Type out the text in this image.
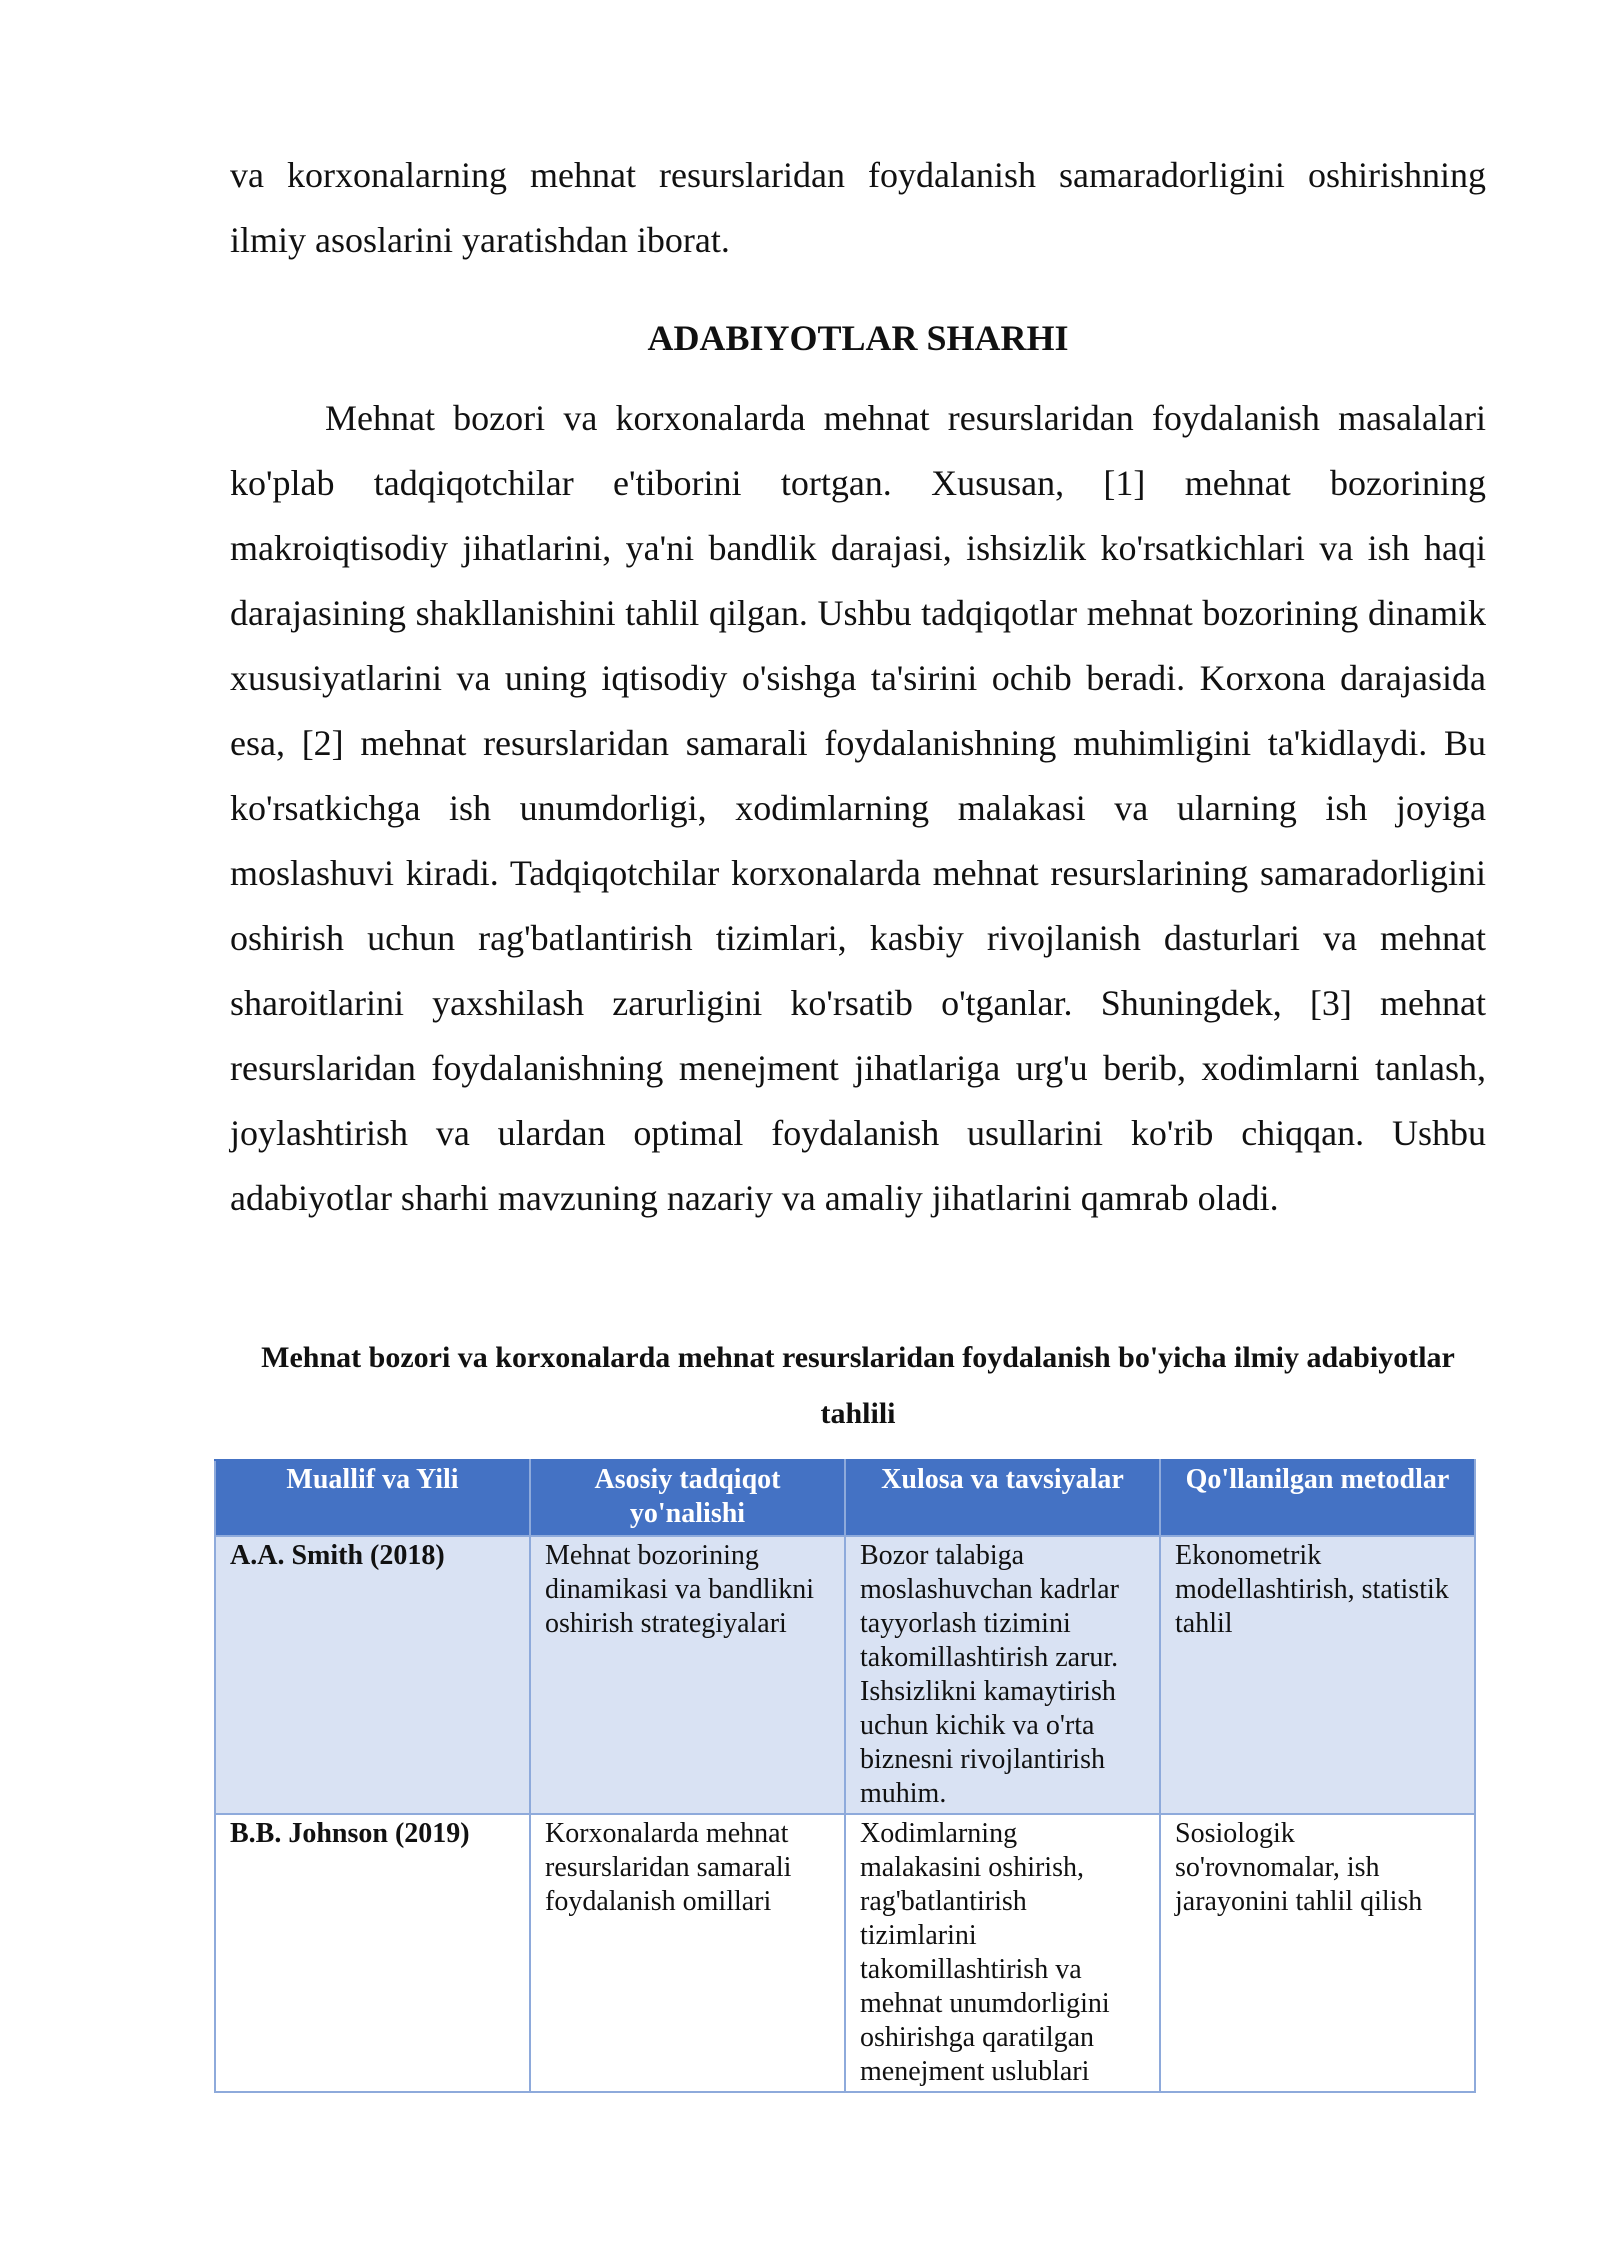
va korxonalarning mehnat resurslaridan foydalanish samaradorligini oshirishning ilmiy asoslarini yaratishdan iborat.

ADABIYOTLAR SHARHI

Mehnat bozori va korxonalarda mehnat resurslaridan foydalanish masalalari ko'plab tadqiqotchilar e'tiborini tortgan. Xususan, [1] mehnat bozorining makroiqtisodiy jihatlarini, ya'ni bandlik darajasi, ishsizlik ko'rsatkichlari va ish haqi darajasining shakllanishini tahlil qilgan. Ushbu tadqiqotlar mehnat bozorining dinamik xususiyatlarini va uning iqtisodiy o'sishga ta'sirini ochib beradi. Korxona darajasida esa, [2] mehnat resurslaridan samarali foydalanishning muhimligini ta'kidlaydi. Bu ko'rsatkichga ish unumdorligi, xodimlarning malakasi va ularning ish joyiga moslashuvi kiradi. Tadqiqotchilar korxonalarda mehnat resurslarining samaradorligini oshirish uchun rag'batlantirish tizimlari, kasbiy rivojlanish dasturlari va mehnat sharoitlarini yaxshilash zarurligini ko'rsatib o'tganlar. Shuningdek, [3] mehnat resurslaridan foydalanishning menejment jihatlariga urg'u berib, xodimlarni tanlash, joylashtirish va ulardan optimal foydalanish usullarini ko'rib chiqqan. Ushbu adabiyotlar sharhi mavzuning nazariy va amaliy jihatlarini qamrab oladi.

Mehnat bozori va korxonalarda mehnat resurslaridan foydalanish bo'yicha ilmiy adabiyotlar tahlili

Muallif va Yili	Asosiy tadqiqot yo'nalishi	Xulosa va tavsiyalar	Qo'llanilgan metodlar
A.A. Smith (2018)	Mehnat bozorining dinamikasi va bandlikni oshirish strategiyalari	Bozor talabiga moslashuvchan kadrlar tayyorlash tizimini takomillashtirish zarur. Ishsizlikni kamaytirish uchun kichik va o'rta biznesni rivojlantirish muhim.	Ekonometrik modellashtirish, statistik tahlil
B.B. Johnson (2019)	Korxonalarda mehnat resurslaridan samarali foydalanish omillari	Xodimlarning malakasini oshirish, rag'batlantirish tizimlarini takomillashtirish va mehnat unumdorligini oshirishga qaratilgan menejment uslublari	Sosiologik so'rovnomalar, ish jarayonini tahlil qilish
